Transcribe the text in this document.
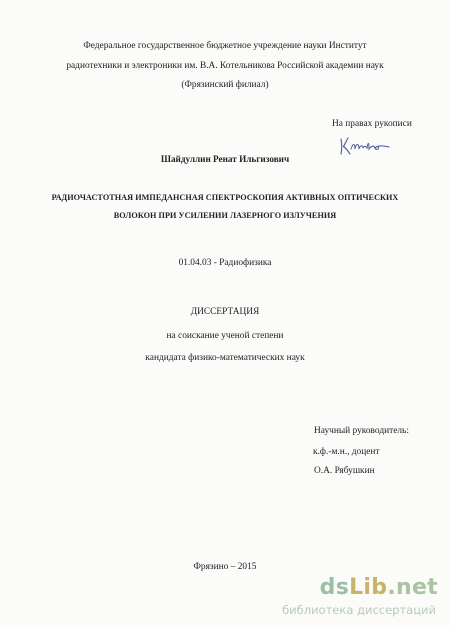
Федеральное государственное бюджетное учреждение науки Институт
радиотехники и электроники им. В.А. Котельникова Российской академии наук
(Фрязинский филиал)
На правах рукописи
Шайдуллин Ренат Ильгизович
РАДИОЧАСТОТНАЯ ИМПЕДАНСНАЯ СПЕКТРОСКОПИЯ АКТИВНЫХ ОПТИЧЕСКИХ
ВОЛОКОН ПРИ УСИЛЕНИИ ЛАЗЕРНОГО ИЗЛУЧЕНИЯ
01.04.03 - Радиофизика
ДИССЕРТАЦИЯ
на соискание ученой степени
кандидата физико-математических наук
Научный руководитель:
к.ф.-м.н., доцент
О.А. Рябушкин
Фрязино – 2015
dsLib.net
библиотека диссертаций
